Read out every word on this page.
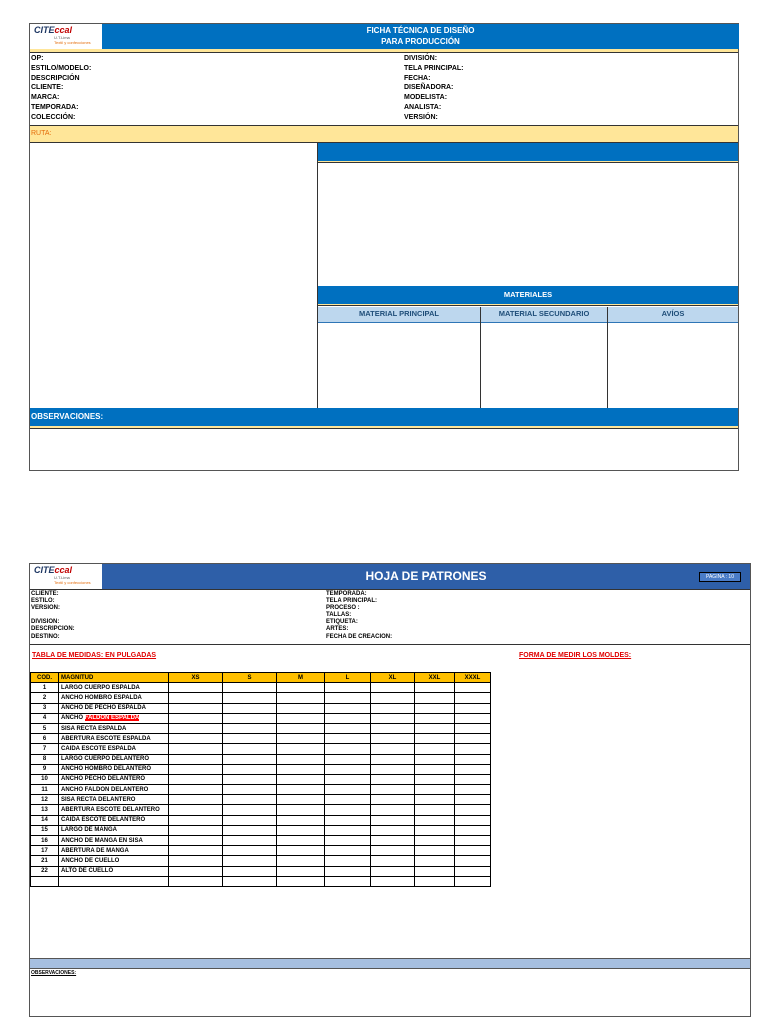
CITEccal
U.T.Lima
Textil y confecciones
FICHA TÉCNICA DE DISEÑO
PARA PRODUCCIÓN
OP:
ESTILO/MODELO:
DESCRIPCIÓN
CLIENTE:
MARCA:
TEMPORADA:
COLECCIÓN:
DIVISIÓN:
TELA PRINCIPAL:
FECHA:
DISEÑADORA:
MODELISTA:
ANALISTA:
VERSIÓN:
RUTA:
MATERIALES
MATERIAL PRINCIPAL	MATERIAL SECUNDARIO	AVÍOS
OBSERVACIONES:
CITEccal
U.T.Lima
Textil y confecciones	HOJA DE PATRONES	PAGINA : 10
CLIENTE:
ESTILO:
VERSION:
DIVISION:
DESCRIPCION:
DESTINO:
TEMPORADA:
TELA PRINCIPAL:
PROCESO :
TALLAS:
ETIQUETA:
ARTES:
FECHA DE CREACION:
TABLA DE MEDIDAS: EN PULGADAS	FORMA DE MEDIR LOS MOLDES:
COD.	MAGNITUD	XS	S	M	L	XL	XXL	XXXL
1	LARGO CUERPO ESPALDA							
2	ANCHO HOMBRO ESPALDA							
3	ANCHO DE PECHO ESPALDA							
4	ANCHO FALDON ESPALDA							
5	SISA RECTA ESPALDA							
6	ABERTURA ESCOTE ESPALDA							
7	CAIDA ESCOTE ESPALDA							
8	LARGO CUERPO DELANTERO							
9	ANCHO HOMBRO DELANTERO							
10	ANCHO PECHO DELANTERO							
11	ANCHO FALDON DELANTERO							
12	SISA RECTA DELANTERO							
13	ABERTURA ESCOTE DELANTERO							
14	CAIDA ESCOTE DELANTERO							
15	LARGO DE MANGA							
16	ANCHO DE MANGA EN SISA							
17	ABERTURA DE MANGA							
21	ANCHO DE CUELLO							
22	ALTO DE CUELLO							

OBSERVACIONES:
